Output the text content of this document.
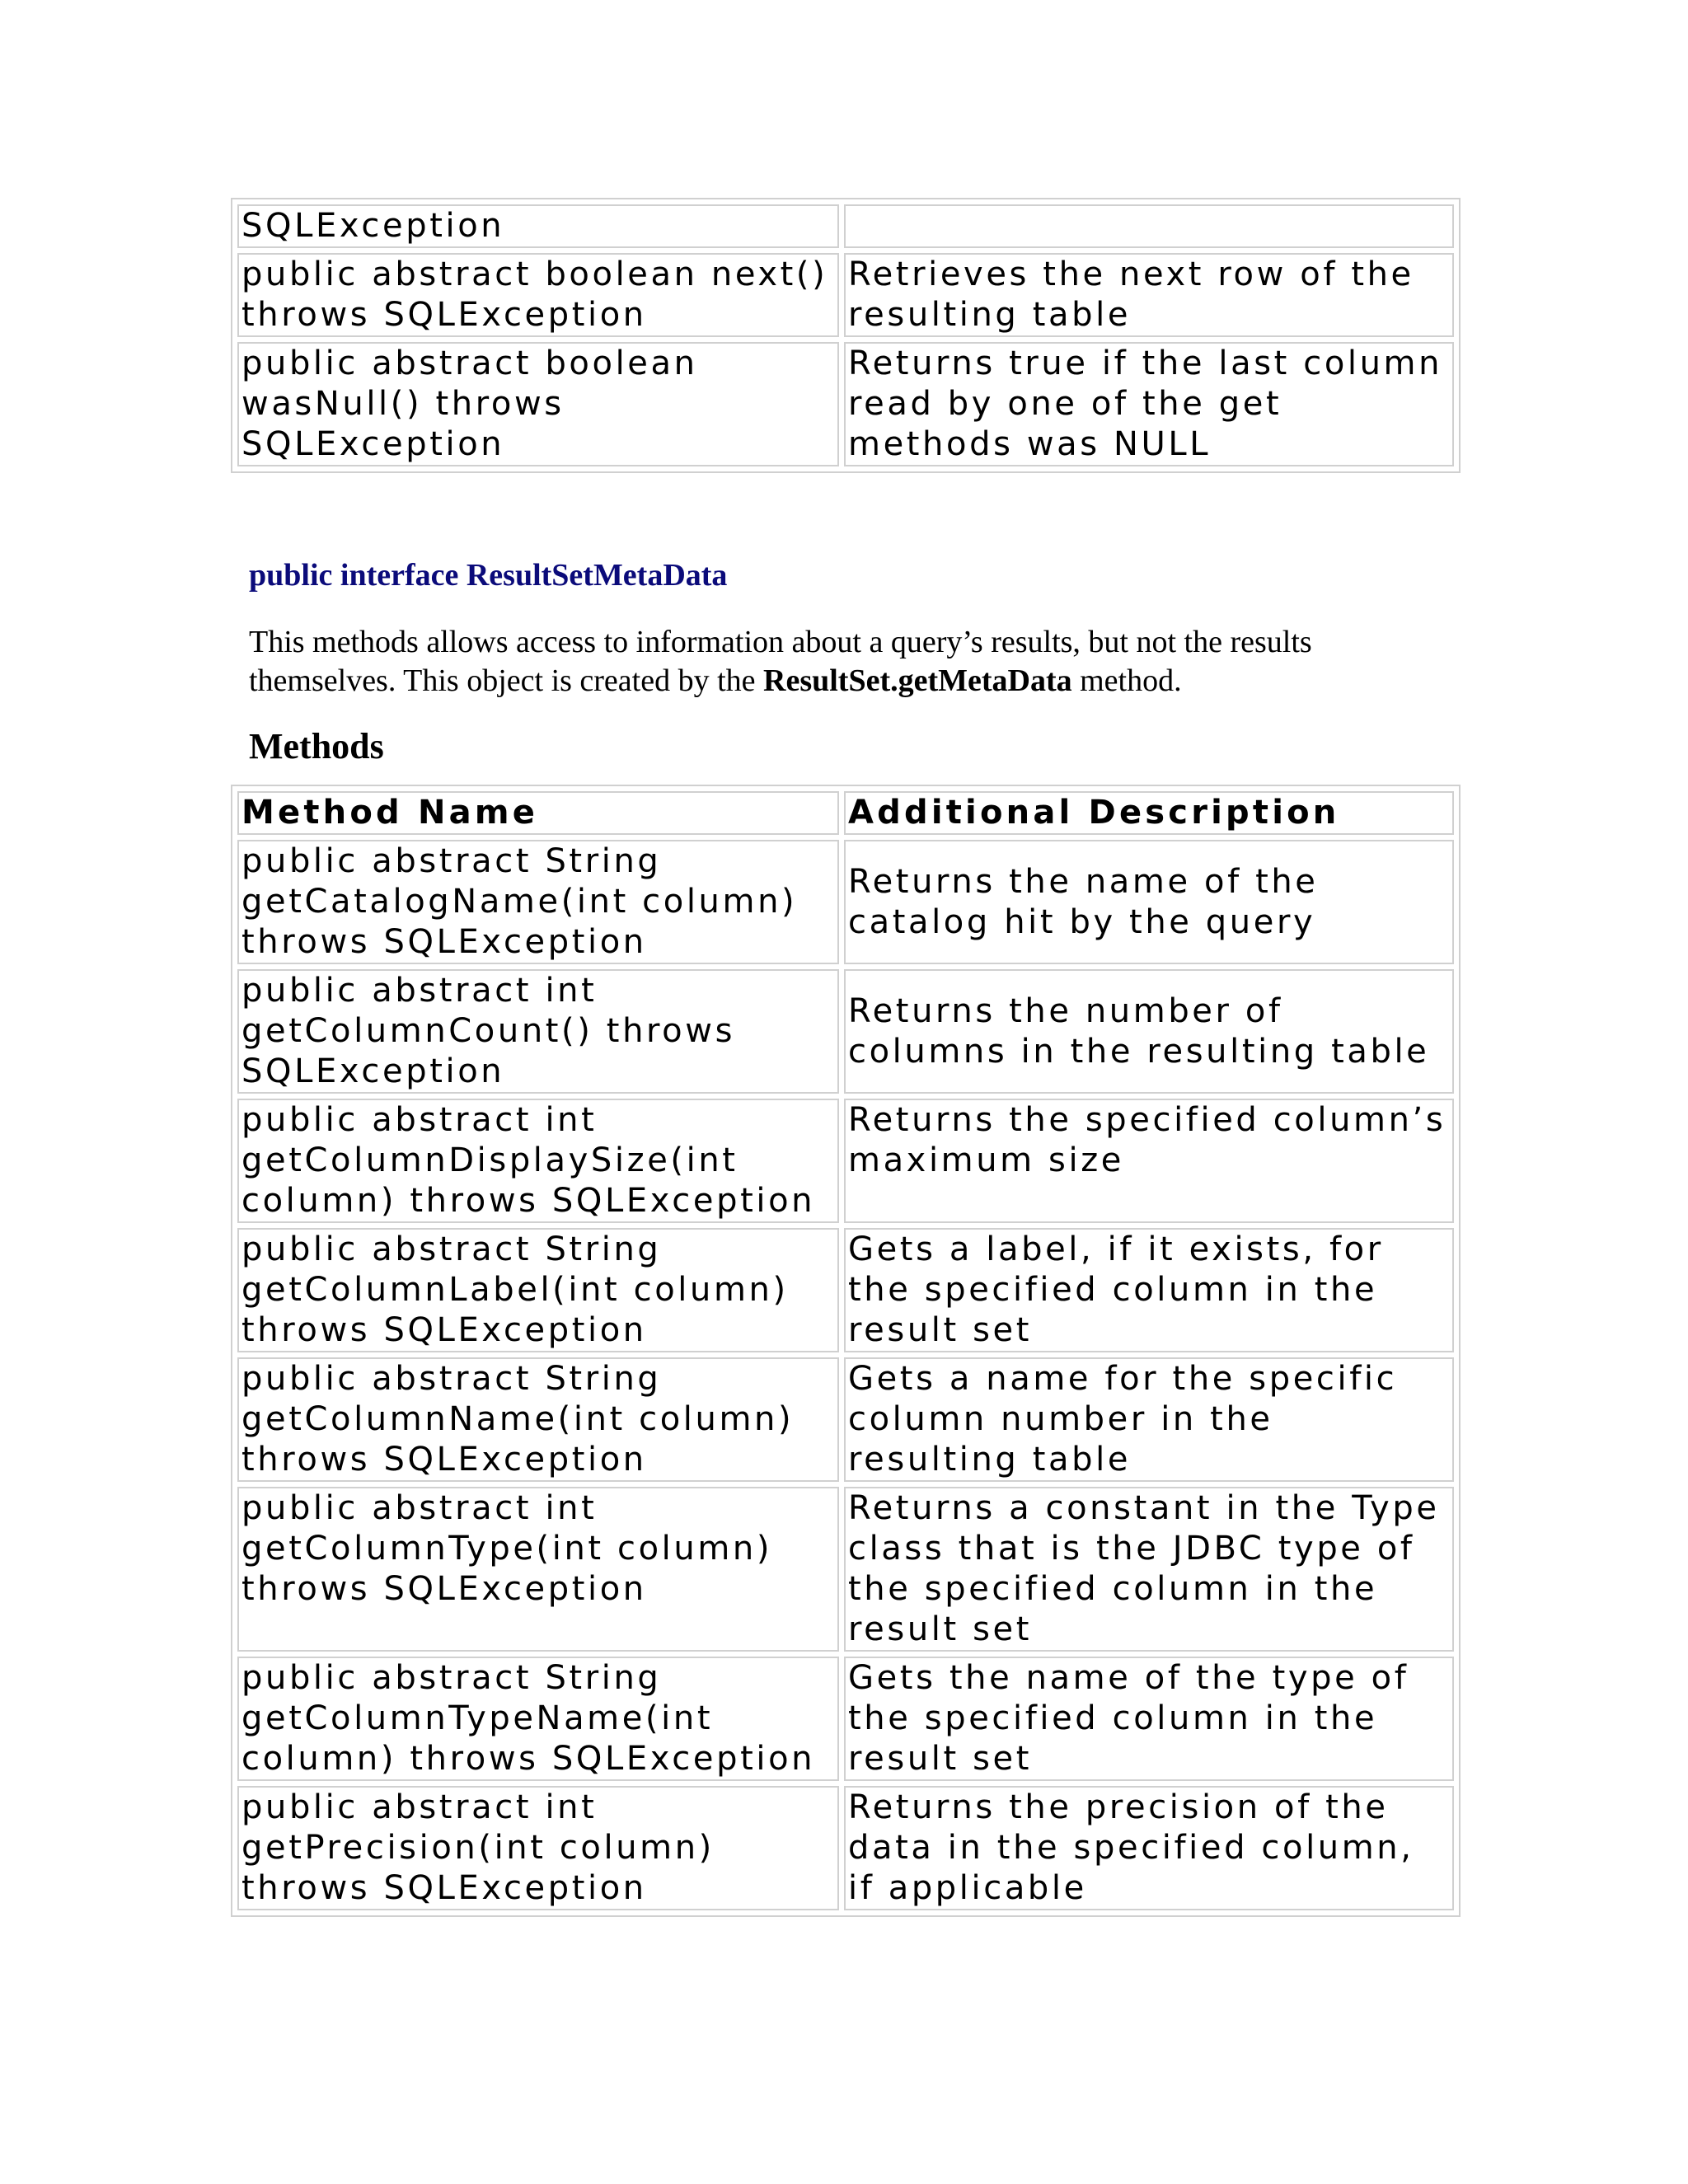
SQLException	
public abstract boolean next() throws SQLException	Retrieves the next row of the resulting table
public abstract boolean wasNull() throws SQLException	Returns true if the last column read by one of the get methods was NULL
public interface ResultSetMetaData

This methods allows access to information about a query’s results, but not the results themselves. This object is created by the ResultSet.getMetaData method.

Methods
Method Name	Additional Description
public abstract String getCatalogName(int column) throws SQLException	Returns the name of the catalog hit by the query
public abstract int getColumnCount() throws SQLException	Returns the number of columns in the resulting table
public abstract int getColumnDisplaySize(int column) throws SQLException	Returns the specified column’s maximum size
public abstract String getColumnLabel(int column) throws SQLException	Gets a label, if it exists, for the specified column in the result set
public abstract String getColumnName(int column) throws SQLException	Gets a name for the specific column number in the resulting table
public abstract int getColumnType(int column) throws SQLException	Returns a constant in the Type class that is the JDBC type of the specified column in the result set
public abstract String getColumnTypeName(int column) throws SQLException	Gets the name of the type of the specified column in the result set
public abstract int getPrecision(int column) throws SQLException	Returns the precision of the data in the specified column, if applicable
